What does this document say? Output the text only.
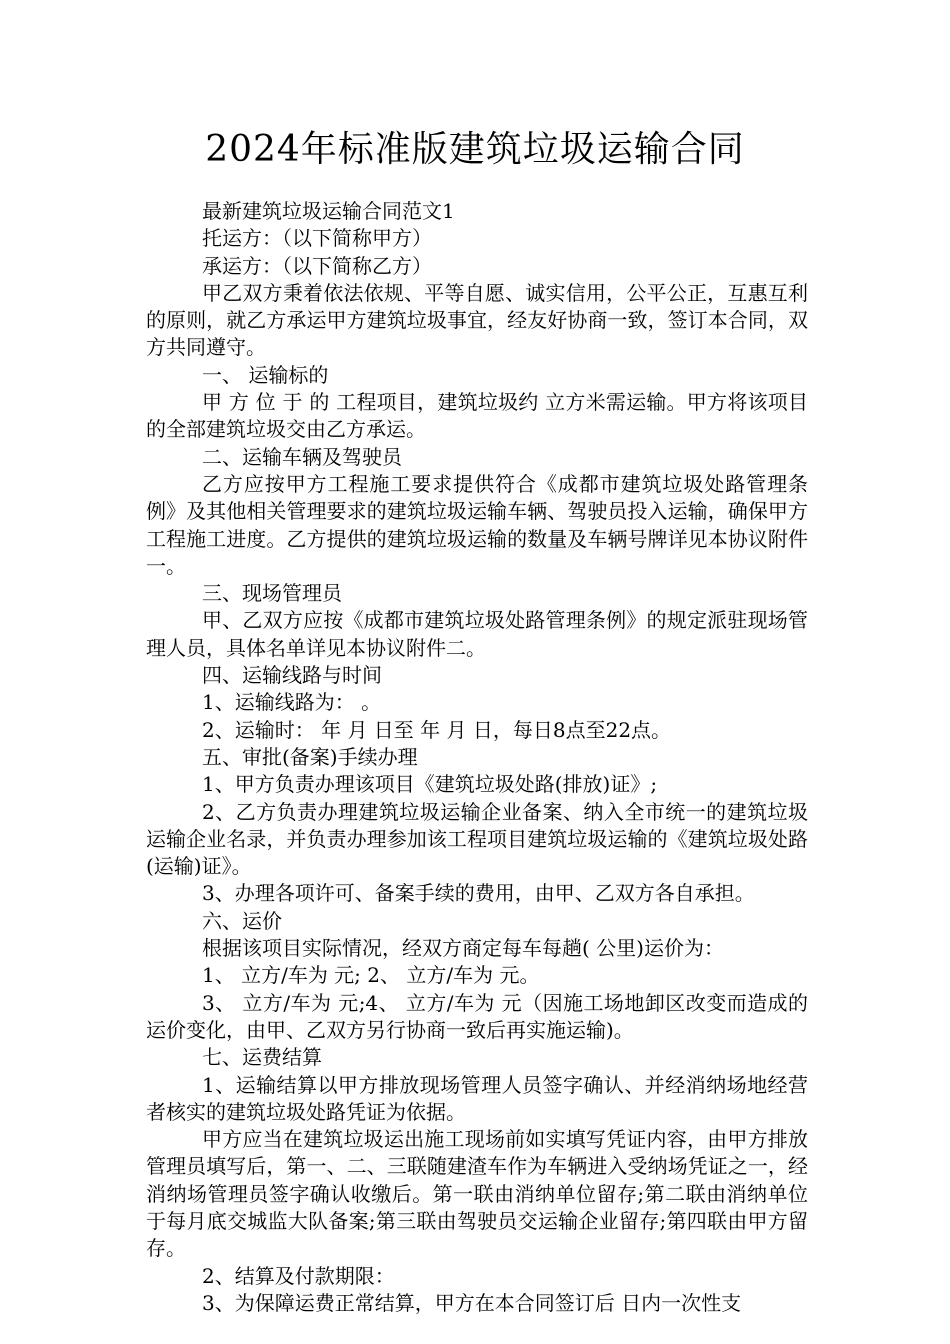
2024年标准版建筑垃圾运输合同

最新建筑垃圾运输合同范文1

托运方：（以下简称甲方）

承运方：（以下简称乙方）

甲乙双方秉着依法依规、平等自愿、诚实信用，公平公正，互惠互利的原则，就乙方承运甲方建筑垃圾事宜，经友好协商一致，签订本合同，双方共同遵守。

一、 运输标的

甲 方 位 于 的 工程项目，建筑垃圾约 立方米需运输。甲方将该项目的全部建筑垃圾交由乙方承运。

二、运输车辆及驾驶员

乙方应按甲方工程施工要求提供符合《成都市建筑垃圾处路管理条例》及其他相关管理要求的建筑垃圾运输车辆、驾驶员投入运输，确保甲方工程施工进度。乙方提供的建筑垃圾运输的数量及车辆号牌详见本协议附件一。

三、现场管理员

甲、乙双方应按《成都市建筑垃圾处路管理条例》的规定派驻现场管理人员，具体名单详见本协议附件二。

四、运输线路与时间

1、运输线路为： 。

2、运输时： 年 月 日至 年 月 日，每日8点至22点。

五、审批(备案)手续办理

1、甲方负责办理该项目《建筑垃圾处路(排放)证》;

2、乙方负责办理建筑垃圾运输企业备案、纳入全市统一的建筑垃圾运输企业名录，并负责办理参加该工程项目建筑垃圾运输的《建筑垃圾处路(运输)证》。

3、办理各项许可、备案手续的费用，由甲、乙双方各自承担。

六、运价

根据该项目实际情况，经双方商定每车每趟( 公里)运价为：

1、 立方/车为 元; 2、 立方/车为 元。

3、 立方/车为 元;4、 立方/车为 元（因施工场地卸区改变而造成的运价变化，由甲、乙双方另行协商一致后再实施运输)。

七、运费结算

1、运输结算以甲方排放现场管理人员签字确认、并经消纳场地经营者核实的建筑垃圾处路凭证为依据。

甲方应当在建筑垃圾运出施工现场前如实填写凭证内容，由甲方排放管理员填写后，第一、二、三联随建渣车作为车辆进入受纳场凭证之一，经消纳场管理员签字确认收缴后。第一联由消纳单位留存;第二联由消纳单位于每月底交城监大队备案;第三联由驾驶员交运输企业留存;第四联由甲方留存。

2、结算及付款期限：

3、为保障运费正常结算，甲方在本合同签订后 日内一次性支
